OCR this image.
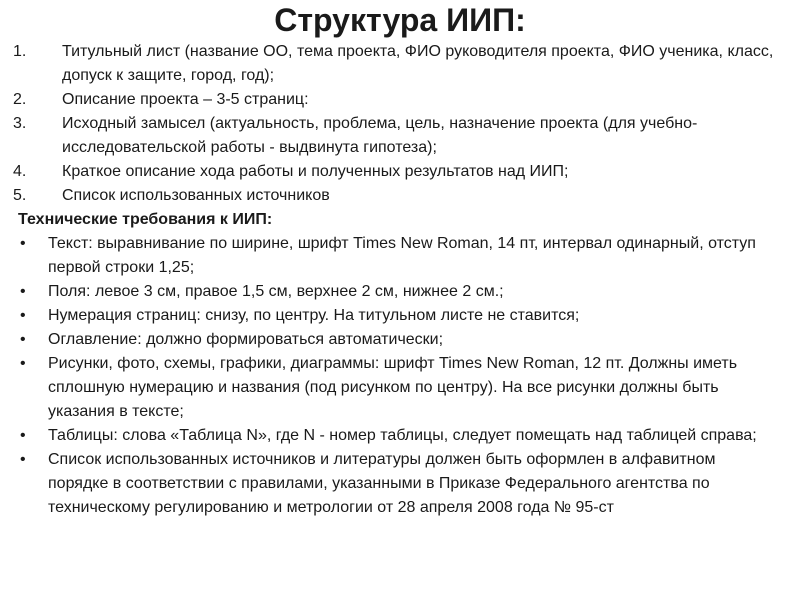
Структура ИИП:
1. Титульный лист (название ОО, тема проекта, ФИО руководителя проекта, ФИО ученика, класс, допуск к защите, город, год);
2. Описание проекта – 3-5 страниц:
3. Исходный замысел (актуальность, проблема, цель, назначение проекта (для учебно-исследовательской работы - выдвинута гипотеза);
4. Краткое описание хода работы и полученных результатов над ИИП;
5. Список использованных источников
Технические требования к ИИП:
• Текст: выравнивание по ширине, шрифт Times New Roman, 14 пт, интервал одинарный, отступ первой строки 1,25;
• Поля: левое 3 см, правое 1,5 см, верхнее 2 см, нижнее 2 см.;
• Нумерация страниц: снизу, по центру. На титульном листе не ставится;
• Оглавление: должно формироваться автоматически;
• Рисунки, фото, схемы, графики, диаграммы: шрифт Times New Roman, 12 пт. Должны иметь сплошную нумерацию и названия (под рисунком по центру). На все рисунки должны быть указания в тексте;
• Таблицы: слова «Таблица N», где N - номер таблицы, следует помещать над таблицей справа;
• Список использованных источников и литературы должен быть оформлен в алфавитном порядке в соответствии с правилами, указанными в Приказе Федерального агентства по техническому регулированию и метрологии от 28 апреля 2008 года № 95-ст
